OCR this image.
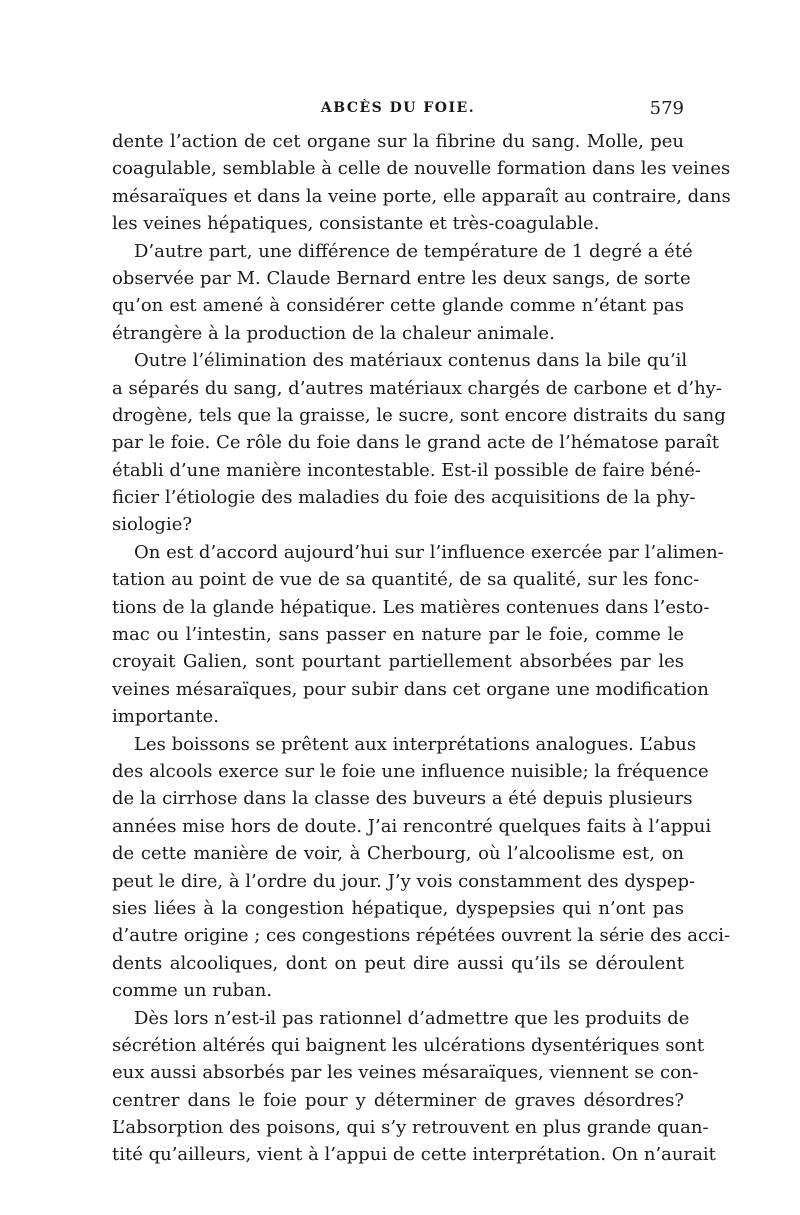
ABCÈS DU FOIE.	579
dente l’action de cet organe sur la fibrine du sang. Molle, peu
coagulable, semblable à celle de nouvelle formation dans les veines
mésaraïques et dans la veine porte, elle apparaît au contraire, dans
les veines hépatiques, consistante et très-coagulable.
D’autre part, une différence de température de 1 degré a été
observée par M. Claude Bernard entre les deux sangs, de sorte
qu’on est amené à considérer cette glande comme n’étant pas
étrangère à la production de la chaleur animale.
Outre l’élimination des matériaux contenus dans la bile qu’il
a séparés du sang, d’autres matériaux chargés de carbone et d’hy-
drogène, tels que la graisse, le sucre, sont encore distraits du sang
par le foie. Ce rôle du foie dans le grand acte de l’hématose paraît
établi d’une manière incontestable. Est-il possible de faire béné-
ficier l’étiologie des maladies du foie des acquisitions de la phy-
siologie?
On est d’accord aujourd’hui sur l’influence exercée par l’alimen-
tation au point de vue de sa quantité, de sa qualité, sur les fonc-
tions de la glande hépatique. Les matières contenues dans l’esto-
mac ou l’intestin, sans passer en nature par le foie, comme le
croyait Galien, sont pourtant partiellement absorbées par les
veines mésaraïques, pour subir dans cet organe une modification
importante.
Les boissons se prêtent aux interprétations analogues. L’abus
des alcools exerce sur le foie une influence nuisible; la fréquence
de la cirrhose dans la classe des buveurs a été depuis plusieurs
années mise hors de doute. J’ai rencontré quelques faits à l’appui
de cette manière de voir, à Cherbourg, où l’alcoolisme est, on
peut le dire, à l’ordre du jour. J’y vois constamment des dyspep-
sies liées à la congestion hépatique, dyspepsies qui n’ont pas
d’autre origine ; ces congestions répétées ouvrent la série des acci-
dents alcooliques, dont on peut dire aussi qu’ils se déroulent
comme un ruban.
Dès lors n’est-il pas rationnel d’admettre que les produits de
sécrétion altérés qui baignent les ulcérations dysentériques sont
eux aussi absorbés par les veines mésaraïques, viennent se con-
centrer dans le foie pour y déterminer de graves désordres?
L’absorption des poisons, qui s’y retrouvent en plus grande quan-
tité qu’ailleurs, vient à l’appui de cette interprétation. On n’aurait
